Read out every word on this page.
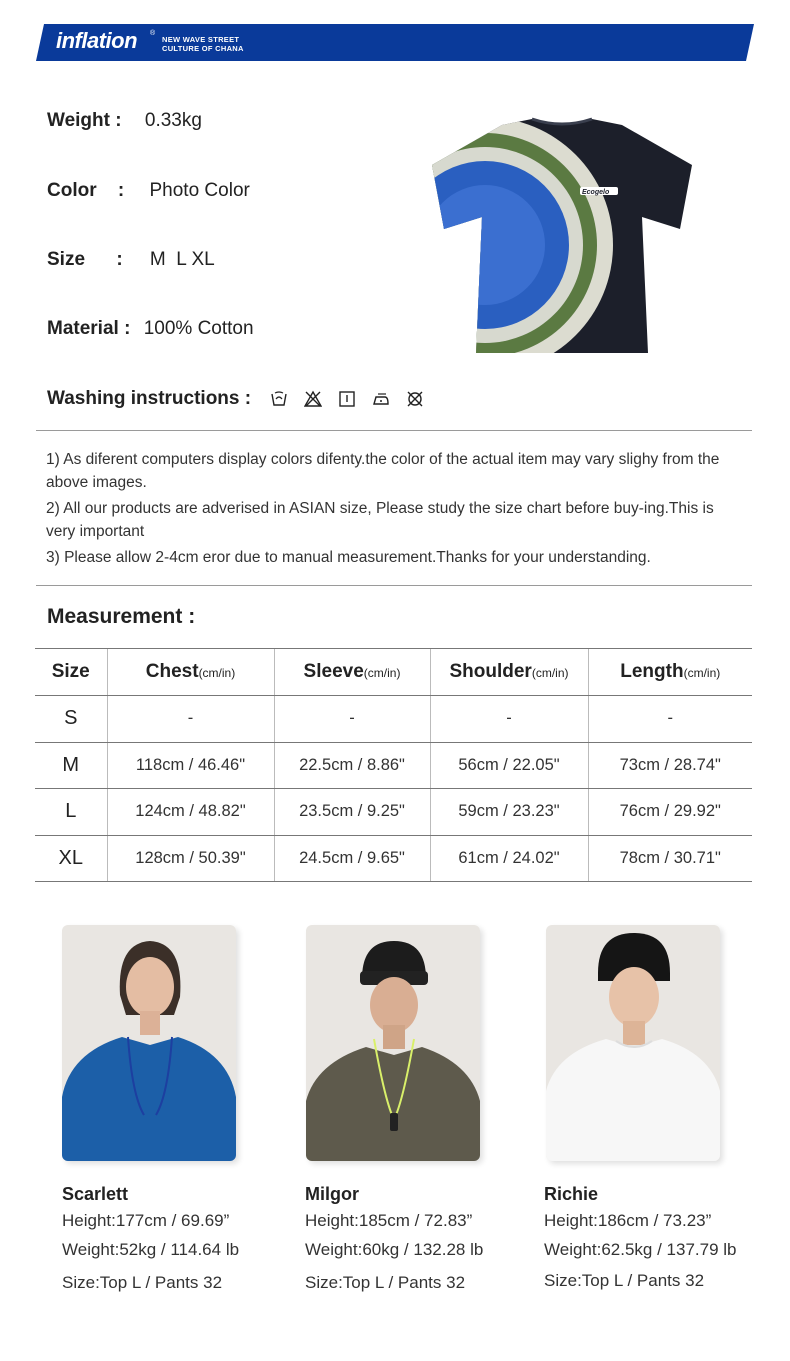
inflation ®
NEW WAVE STREET
CULTURE OF CHANA
Weight : 0.33kg
Color : Photo Color
Size : M  L XL
Material : 100% Cotton
Ecogelo
Washing instructions :

1) As diferent computers display colors difenty.the color of the actual item may vary slighy from the above images.

2) All our products are adverised in ASIAN size, Please study the size chart before buy-ing.This is very important

3) Please allow 2-4cm eror due to manual measurement.Thanks for your understanding.

Measurement :
Size	Chest(cm/in)	Sleeve(cm/in)	Shoulder(cm/in)	Length(cm/in)
S	-	-	-	-
M	118cm / 46.46"	22.5cm / 8.86"	56cm / 22.05"	73cm / 28.74"
L	124cm / 48.82"	23.5cm / 9.25"	59cm / 23.23"	76cm / 29.92"
XL	128cm / 50.39"	24.5cm / 9.65"	61cm / 24.02"	78cm / 30.71"
Scarlett
Height:177cm / 69.69”
Weight:52kg / 114.64 lb
Size:Top L / Pants 32
Milgor
Height:185cm / 72.83”
Weight:60kg / 132.28 lb
Size:Top L / Pants 32
Richie
Height:186cm / 73.23”
Weight:62.5kg / 137.79 lb
Size:Top L / Pants 32
